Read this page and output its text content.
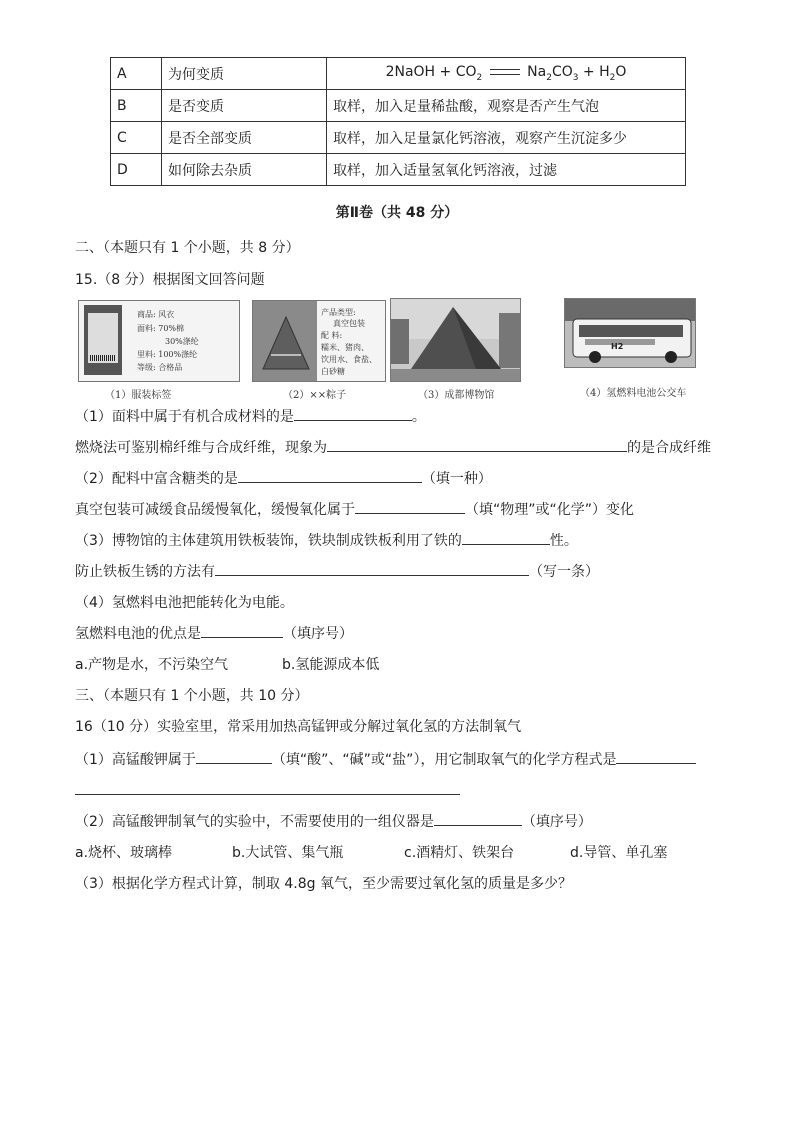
A	为何变质	2NaOH + $CO_2$ $Na_2CO_3 + H_2O$
B	是否变质	取样，加入足量稀盐酸，观察是否产生气泡
C	是否全部变质	取样，加入足量氯化钙溶液，观察产生沉淀多少
D	如何除去杂质	取样，加入适量氢氧化钙溶液，过滤
第Ⅱ卷（共 48 分）
二、（本题只有 1 个小题，共 8 分）
15.（8 分）根据图文回答问题
商品: 风衣
面料: 70%棉
30%涤纶
里料: 100%涤纶
等级: 合格品
（1）服装标签
产品类型:
真空包装
配 料:
糯米、猪肉、
饮用水、食盐、
白砂糖
（2）××粽子	（3）成都博物馆
H2
（4）氢燃料电池公交车
（1）面料中属于有机合成材料的是	。
燃烧法可鉴别棉纤维与合成纤维，现象为	的是合成纤维
（2）配料中富含糖类的是	（填一种）
真空包装可减缓食品缓慢氧化，缓慢氧化属于	（填“物理”或“化学”）变化
（3）博物馆的主体建筑用铁板装饰，铁块制成铁板利用了铁的	性。
防止铁板生锈的方法有	（写一条）
（4）氢燃料电池把能转化为电能。
氢燃料电池的优点是	（填序号）
a.产物是水，不污染空气	b.氢能源成本低
三、（本题只有 1 个小题，共 10 分）
16（10 分）实验室里，常采用加热高锰钾或分解过氧化氢的方法制氧气
（1）高锰酸钾属于	（填“酸”、“碱”或“盐”），用它制取氧气的化学方程式是
（2）高锰酸钾制氧气的实验中，不需要使用的一组仪器是	（填序号）
a.烧杯、玻璃棒	b.大试管、集气瓶	c.酒精灯、铁架台	d.导管、单孔塞
（3）根据化学方程式计算，制取 4.8g 氧气，至少需要过氧化氢的质量是多少？
